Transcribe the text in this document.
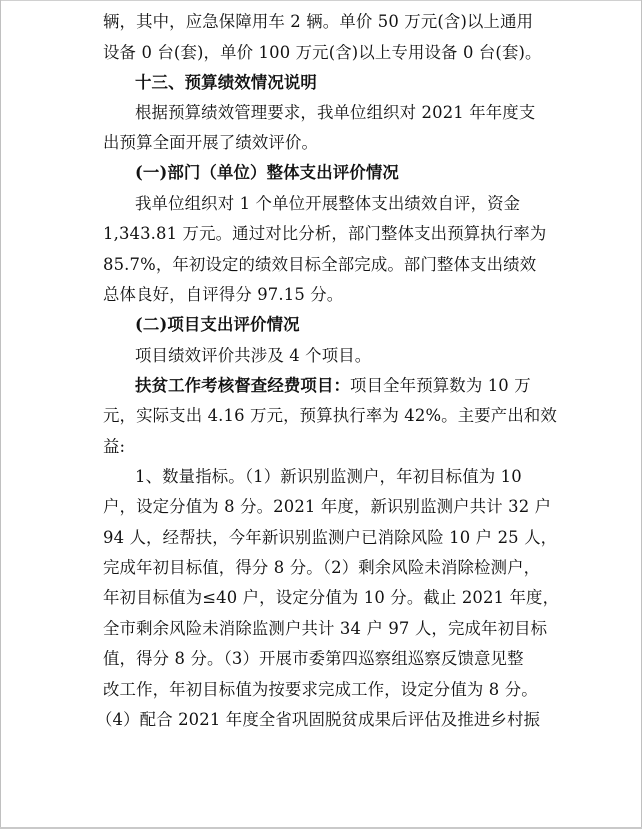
辆，其中，应急保障用车 2 辆。单价 50 万元(含)以上通用
设备 0 台(套)，单价 100 万元(含)以上专用设备 0 台(套)。
十三、预算绩效情况说明
根据预算绩效管理要求，我单位组织对 2021 年年度支
出预算全面开展了绩效评价。
(一)部门（单位）整体支出评价情况
我单位组织对 1 个单位开展整体支出绩效自评，资金
1,343.81 万元。通过对比分析，部门整体支出预算执行率为
85.7%，年初设定的绩效目标全部完成。部门整体支出绩效
总体良好，自评得分 97.15 分。
(二)项目支出评价情况
项目绩效评价共涉及 4 个项目。
扶贫工作考核督查经费项目：项目全年预算数为 10 万
元，实际支出 4.16 万元，预算执行率为 42%。主要产出和效
益:
1、数量指标。（1）新识别监测户，年初目标值为 10
户，设定分值为 8 分。2021 年度，新识别监测户共计 32 户
94 人，经帮扶，今年新识别监测户已消除风险 10 户 25 人，
完成年初目标值，得分 8 分。（2）剩余风险未消除检测户，
年初目标值为≤40 户，设定分值为 10 分。截止 2021 年度，
全市剩余风险未消除监测户共计 34 户 97 人，完成年初目标
值，得分 8 分。（3）开展市委第四巡察组巡察反馈意见整
改工作，年初目标值为按要求完成工作，设定分值为 8 分。
（4）配合 2021 年度全省巩固脱贫成果后评估及推进乡村振
